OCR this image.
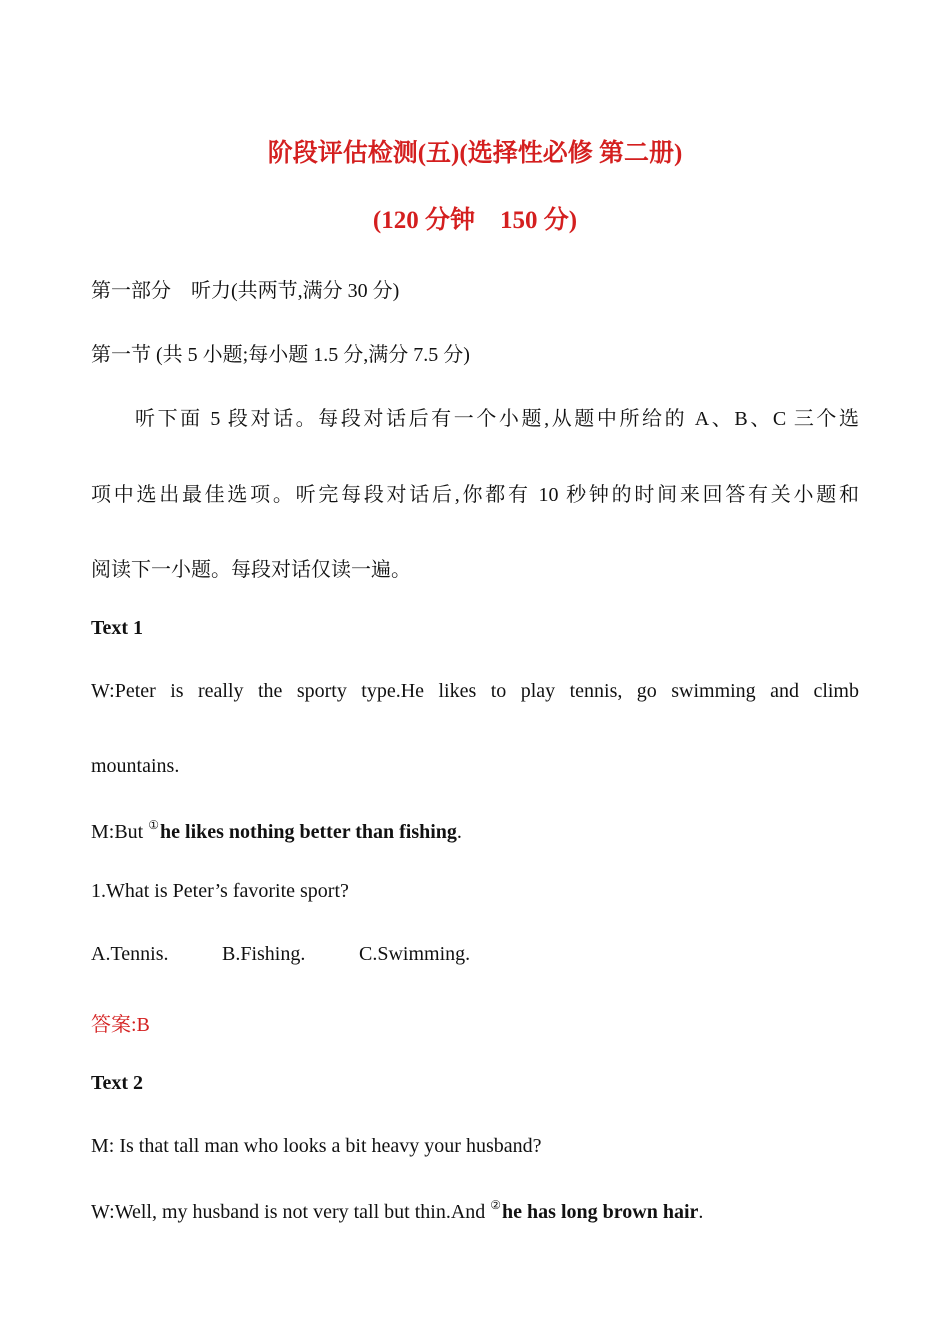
阶段评估检测(五)(选择性必修 第二册)
(120 分钟　150 分)
第一部分　听力(共两节,满分 30 分)
第一节 (共 5 小题;每小题 1.5 分,满分 7.5 分)
听下面 5 段对话。每段对话后有一个小题,从题中所给的 A、B、C 三个选
项中选出最佳选项。听完每段对话后,你都有 10 秒钟的时间来回答有关小题和
阅读下一小题。每段对话仅读一遍。
Text 1
W:Peter is really the sporty type.He likes to play tennis, go swimming and climb
mountains.
M:But ①he likes nothing better than fishing.
1.What is Peter’s favorite sport?
A.Tennis.	B.Fishing.	C.Swimming.
答案:B
Text 2
M: Is that tall man who looks a bit heavy your husband?
W:Well, my husband is not very tall but thin.And ②he has long brown hair.
